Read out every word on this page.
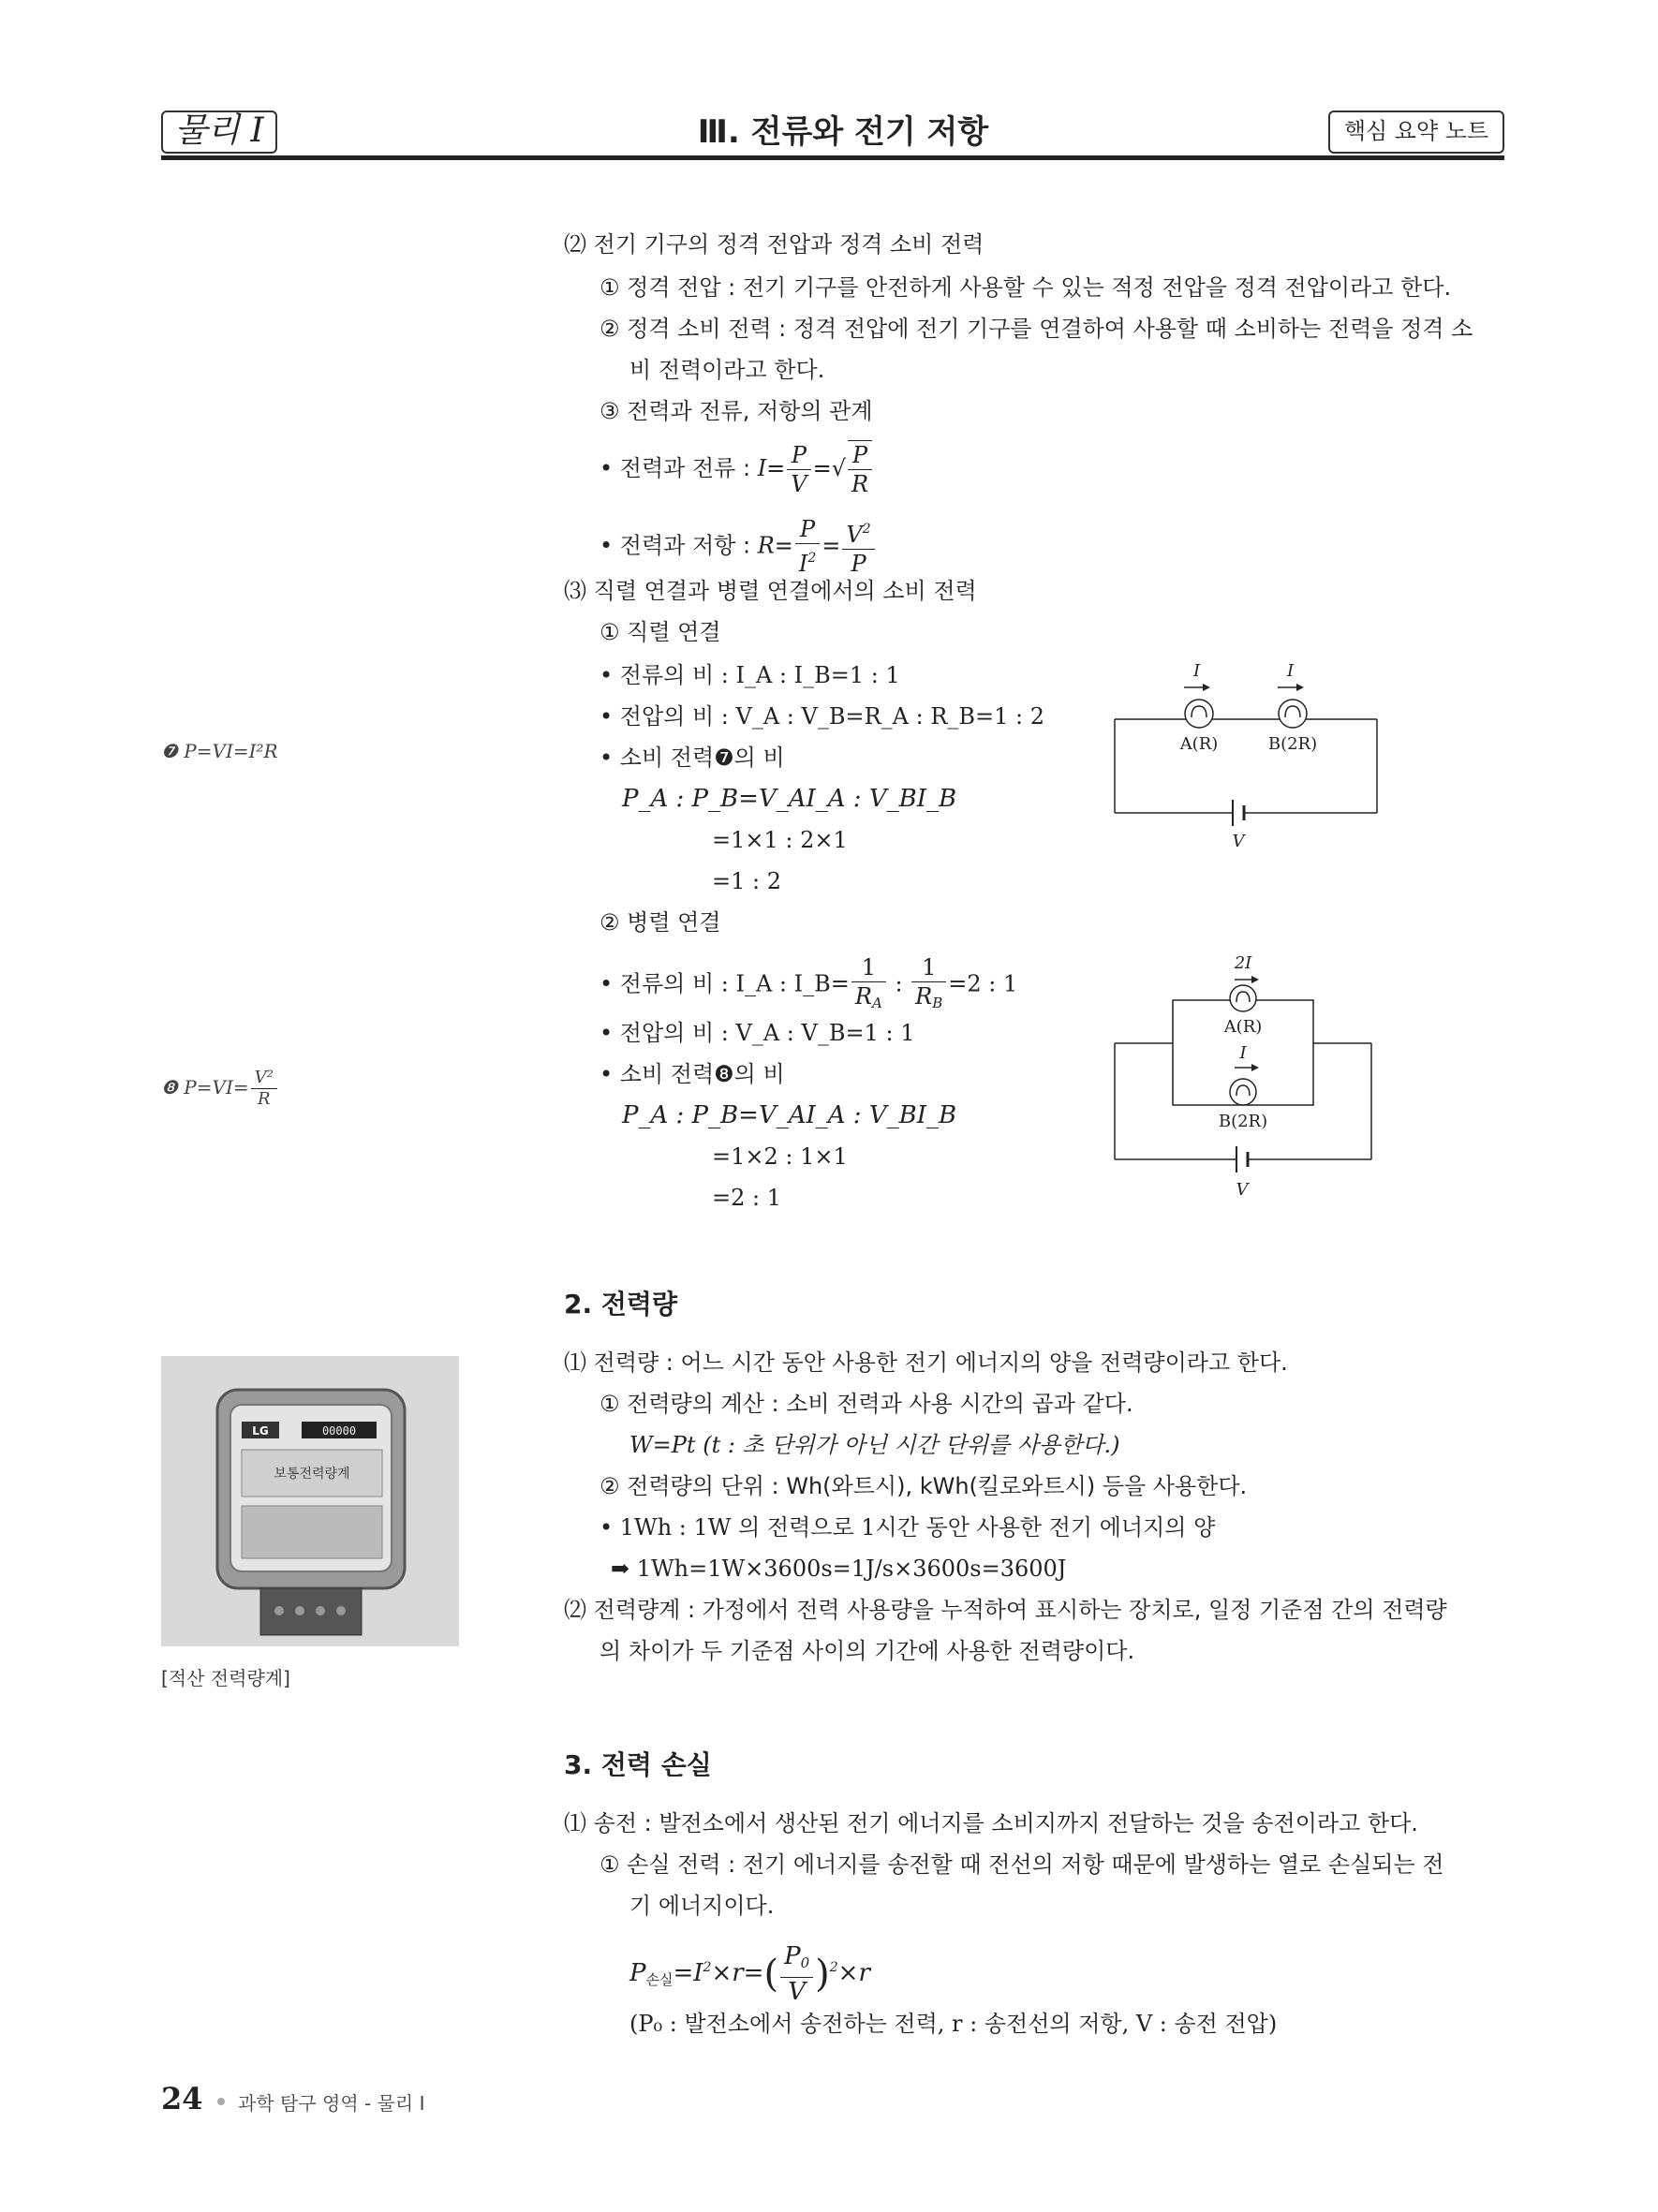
물리 I	Ⅲ. 전류와 전기 저항	핵심 요약 노트
⑵ 전기 기구의 정격 전압과 정격 소비 전력
① 정격 전압 : 전기 기구를 안전하게 사용할 수 있는 적정 전압을 정격 전압이라고 한다.
② 정격 소비 전력 : 정격 전압에 전기 기구를 연결하여 사용할 때 소비하는 전력을 정격 소
비 전력이라고 한다.
③ 전력과 전류, 저항의 관계
• 전력과 전류 : $I= \frac{P}{V}$ =√ $\frac{P}{R}$
• 전력과 저항 : $R= \frac{P}{I^2} = \frac{V^2}{P}$
⑶ 직렬 연결과 병렬 연결에서의 소비 전력
① 직렬 연결
• 전류의 비 : I_A : I_B=1 : 1
• 전압의 비 : V_A : V_B=R_A : R_B=1 : 2
• 소비 전력❼의 비
P_A : P_B=V_AI_A : V_BI_B
=1×1 : 2×1
=1 : 2
② 병렬 연결
• 전류의 비 : I_A : I_B= $\frac{1}{R_A}$ : $\frac{1}{R_B} =2$ : 1
• 전압의 비 : V_A : V_B=1 : 1
• 소비 전력❽의 비
P_A : P_B=V_AI_A : V_BI_B
=1×2 : 1×1
=2 : 1
❼ P=VI=I²R
❽ $P=VI= \frac{\text{V²}}{R}$
I	I
A(R)	B(2R)
V
2I
A(R)
I
B(2R)
V
2. 전력량
⑴ 전력량 : 어느 시간 동안 사용한 전기 에너지의 양을 전력량이라고 한다.
① 전력량의 계산 : 소비 전력과 사용 시간의 곱과 같다.
W=Pt (t : 초 단위가 아닌 시간 단위를 사용한다.)
② 전력량의 단위 : Wh(와트시), kWh(킬로와트시) 등을 사용한다.
• 1Wh : 1W 의 전력으로 1시간 동안 사용한 전기 에너지의 양
➡ 1Wh=1W×3600s=1J/s×3600s=3600J
⑵ 전력량계 : 가정에서 전력 사용량을 누적하여 표시하는 장치로, 일정 기준점 간의 전력량
의 차이가 두 기준점 사이의 기간에 사용한 전력량이다.
LG	00000
보통전력량계
[적산 전력량계]
3. 전력 손실
⑴ 송전 : 발전소에서 생산된 전기 에너지를 소비지까지 전달하는 것을 송전이라고 한다.
① 손실 전력 : 전기 에너지를 송전할 때 전선의 저항 때문에 발생하는 열로 손실되는 전
기 에너지이다.
$P_{손실}=I^2\times r=( \frac{P_0}{V} )^2\times r$
(P₀ : 발전소에서 송전하는 전력, r : 송전선의 저항, V : 송전 전압)
24 과학 탐구 영역 - 물리 Ⅰ
